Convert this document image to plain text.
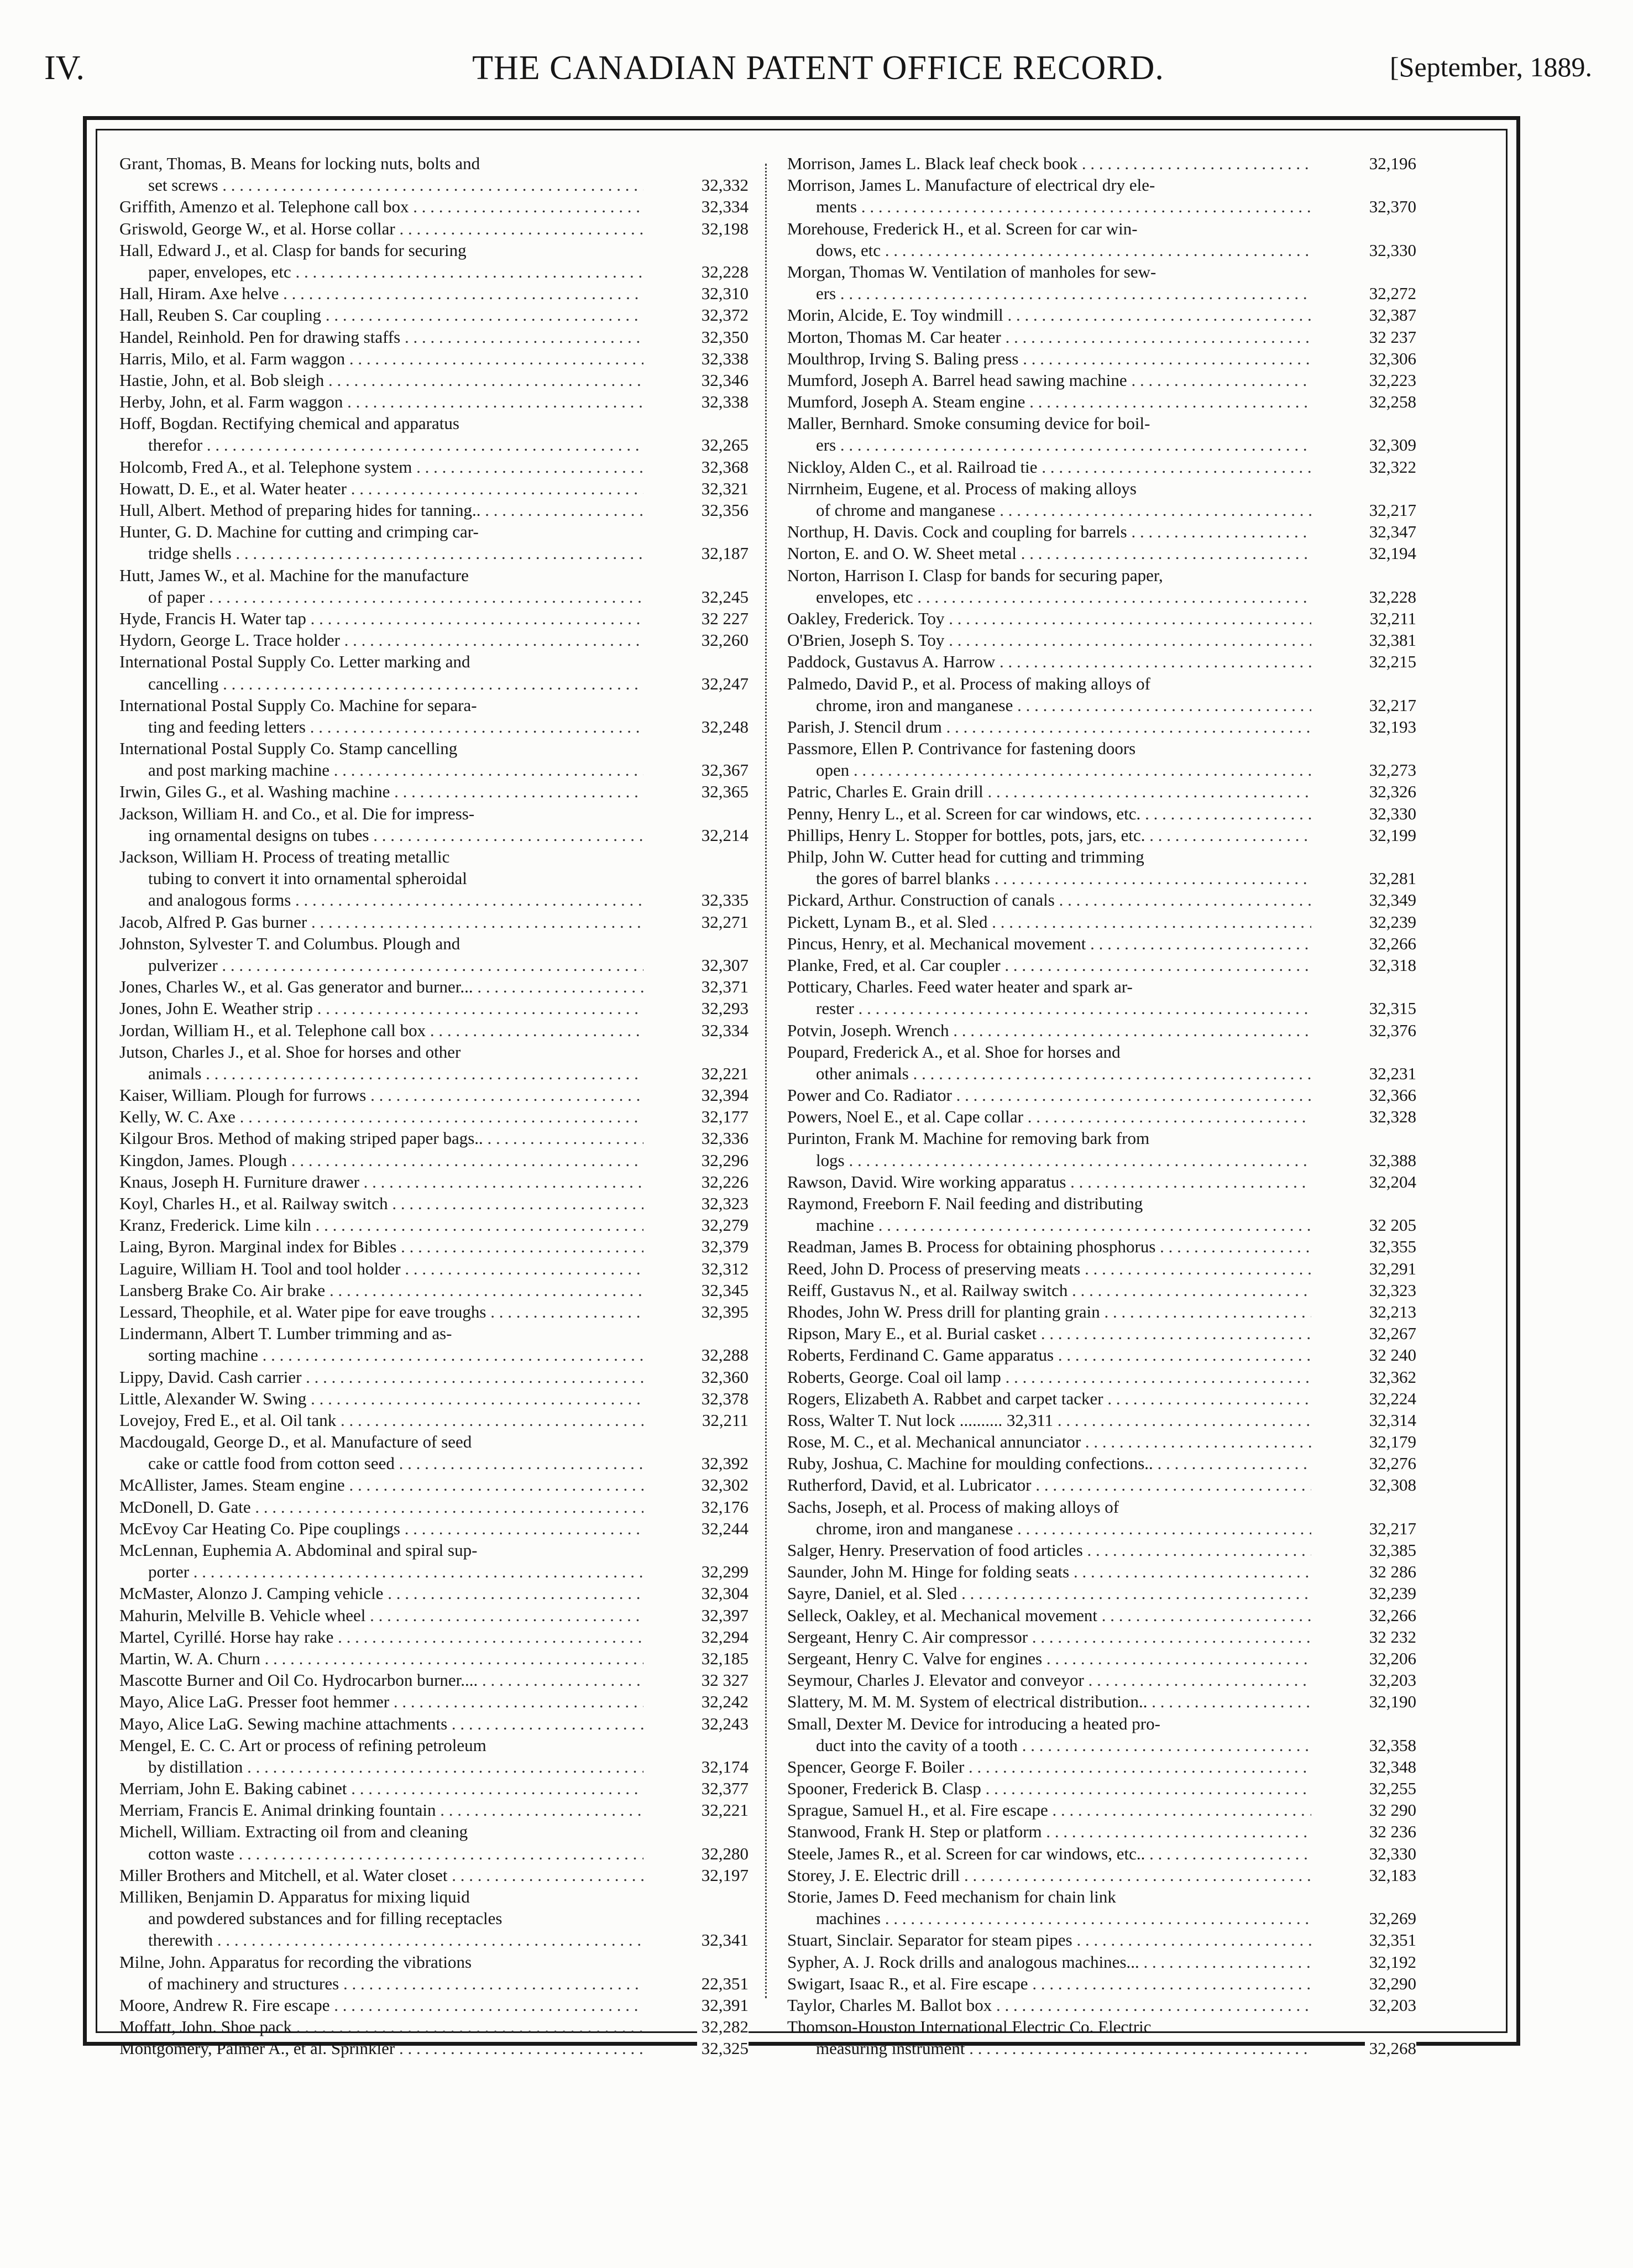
IV.	THE CANADIAN PATENT OFFICE RECORD.	[September, 1889.
Grant, Thomas, B. Means for locking nuts, bolts and
set screws . . .	32,332
Griffith, Amenzo et al. Telephone call box . . .	32,334
Griswold, George W., et al. Horse collar . . .	32,198
Hall, Edward J., et al. Clasp for bands for securing
paper, envelopes, etc . . .	32,228
Hall, Hiram. Axe helve . . .	32,310
Hall, Reuben S. Car coupling . . .	32,372
Handel, Reinhold. Pen for drawing staffs . . .	32,350
Harris, Milo, et al. Farm waggon . . .	32,338
Hastie, John, et al. Bob sleigh . . .	32,346
Herby, John, et al. Farm waggon . . .	32,338
Hoff, Bogdan. Rectifying chemical and apparatus
therefor . . .	32,265
Holcomb, Fred A., et al. Telephone system . . .	32,368
Howatt, D. E., et al. Water heater . . .	32,321
Hull, Albert. Method of preparing hides for tanning.. . . .	32,356
Hunter, G. D. Machine for cutting and crimping car-
tridge shells . . .	32,187
Hutt, James W., et al. Machine for the manufacture
of paper . . .	32,245
Hyde, Francis H. Water tap . . .	32 227
Hydorn, George L. Trace holder . . .	32,260
International Postal Supply Co. Letter marking and
cancelling . . .	32,247
International Postal Supply Co. Machine for separa-
ting and feeding letters . . .	32,248
International Postal Supply Co. Stamp cancelling
and post marking machine . . .	32,367
Irwin, Giles G., et al. Washing machine . . .	32,365
Jackson, William H. and Co., et al. Die for impress-
ing ornamental designs on tubes . . .	32,214
Jackson, William H. Process of treating metallic
tubing to convert it into ornamental spheroidal
and analogous forms . . .	32,335
Jacob, Alfred P. Gas burner . . .	32,271
Johnston, Sylvester T. and Columbus. Plough and
pulverizer . . .	32,307
Jones, Charles W., et al. Gas generator and burner... . . .	32,371
Jones, John E. Weather strip . . .	32,293
Jordan, William H., et al. Telephone call box . . .	32,334
Jutson, Charles J., et al. Shoe for horses and other
animals . . .	32,221
Kaiser, William. Plough for furrows . . .	32,394
Kelly, W. C. Axe . . .	32,177
Kilgour Bros. Method of making striped paper bags.. . . .	32,336
Kingdon, James. Plough . . .	32,296
Knaus, Joseph H. Furniture drawer . . .	32,226
Koyl, Charles H., et al. Railway switch . . .	32,323
Kranz, Frederick. Lime kiln . . .	32,279
Laing, Byron. Marginal index for Bibles . . .	32,379
Laguire, William H. Tool and tool holder . . .	32,312
Lansberg Brake Co. Air brake . . .	32,345
Lessard, Theophile, et al. Water pipe for eave troughs . . .	32,395
Lindermann, Albert T. Lumber trimming and as-
sorting machine . . .	32,288
Lippy, David. Cash carrier . . .	32,360
Little, Alexander W. Swing . . .	32,378
Lovejoy, Fred E., et al. Oil tank . . .	32,211
Macdougald, George D., et al. Manufacture of seed
cake or cattle food from cotton seed . . .	32,392
McAllister, James. Steam engine . . .	32,302
McDonell, D. Gate . . .	32,176
McEvoy Car Heating Co. Pipe couplings . . .	32,244
McLennan, Euphemia A. Abdominal and spiral sup-
porter . . .	32,299
McMaster, Alonzo J. Camping vehicle . . .	32,304
Mahurin, Melville B. Vehicle wheel . . .	32,397
Martel, Cyrillé. Horse hay rake . . .	32,294
Martin, W. A. Churn . . .	32,185
Mascotte Burner and Oil Co. Hydrocarbon burner.... . . .	32 327
Mayo, Alice LaG. Presser foot hemmer . . .	32,242
Mayo, Alice LaG. Sewing machine attachments . . .	32,243
Mengel, E. C. C. Art or process of refining petroleum
by distillation . . .	32,174
Merriam, John E. Baking cabinet . . .	32,377
Merriam, Francis E. Animal drinking fountain . . .	32,221
Michell, William. Extracting oil from and cleaning
cotton waste . . .	32,280
Miller Brothers and Mitchell, et al. Water closet . . .	32,197
Milliken, Benjamin D. Apparatus for mixing liquid
and powdered substances and for filling receptacles
therewith . . .	32,341
Milne, John. Apparatus for recording the vibrations
of machinery and structures . . .	22,351
Moore, Andrew R. Fire escape . . .	32,391
Moffatt, John. Shoe pack . . .	32,282
Montgomery, Palmer A., et al. Sprinkler . . .	32,325
Morrison, James L. Black leaf check book . . .	32,196
Morrison, James L. Manufacture of electrical dry ele-
ments . . .	32,370
Morehouse, Frederick H., et al. Screen for car win-
dows, etc . . .	32,330
Morgan, Thomas W. Ventilation of manholes for sew-
ers . . .	32,272
Morin, Alcide, E. Toy windmill . . .	32,387
Morton, Thomas M. Car heater . . .	32 237
Moulthrop, Irving S. Baling press . . .	32,306
Mumford, Joseph A. Barrel head sawing machine . . .	32,223
Mumford, Joseph A. Steam engine . . .	32,258
Maller, Bernhard. Smoke consuming device for boil-
ers . . .	32,309
Nickloy, Alden C., et al. Railroad tie . . .	32,322
Nirrnheim, Eugene, et al. Process of making alloys
of chrome and manganese . . .	32,217
Northup, H. Davis. Cock and coupling for barrels . . .	32,347
Norton, E. and O. W. Sheet metal . . .	32,194
Norton, Harrison I. Clasp for bands for securing paper,
envelopes, etc . . .	32,228
Oakley, Frederick. Toy . . .	32,211
O'Brien, Joseph S. Toy . . .	32,381
Paddock, Gustavus A. Harrow . . .	32,215
Palmedo, David P., et al. Process of making alloys of
chrome, iron and manganese . . .	32,217
Parish, J. Stencil drum . . .	32,193
Passmore, Ellen P. Contrivance for fastening doors
open . . .	32,273
Patric, Charles E. Grain drill . . .	32,326
Penny, Henry L., et al. Screen for car windows, etc. . . .	32,330
Phillips, Henry L. Stopper for bottles, pots, jars, etc. . . .	32,199
Philp, John W. Cutter head for cutting and trimming
the gores of barrel blanks . . .	32,281
Pickard, Arthur. Construction of canals . . .	32,349
Pickett, Lynam B., et al. Sled . . .	32,239
Pincus, Henry, et al. Mechanical movement . . .	32,266
Planke, Fred, et al. Car coupler . . .	32,318
Potticary, Charles. Feed water heater and spark ar-
rester . . .	32,315
Potvin, Joseph. Wrench . . .	32,376
Poupard, Frederick A., et al. Shoe for horses and
other animals . . .	32,231
Power and Co. Radiator . . .	32,366
Powers, Noel E., et al. Cape collar . . .	32,328
Purinton, Frank M. Machine for removing bark from
logs . . .	32,388
Rawson, David. Wire working apparatus . . .	32,204
Raymond, Freeborn F. Nail feeding and distributing
machine . . .	32 205
Readman, James B. Process for obtaining phosphorus . . .	32,355
Reed, John D. Process of preserving meats . . .	32,291
Reiff, Gustavus N., et al. Railway switch . . .	32,323
Rhodes, John W. Press drill for planting grain . . .	32,213
Ripson, Mary E., et al. Burial casket . . .	32,267
Roberts, Ferdinand C. Game apparatus . . .	32 240
Roberts, George. Coal oil lamp . . .	32,362
Rogers, Elizabeth A. Rabbet and carpet tacker . . .	32,224
Ross, Walter T. Nut lock .......... 32,311 . . .	32,314
Rose, M. C., et al. Mechanical annunciator . . .	32,179
Ruby, Joshua, C. Machine for moulding confections.. . . .	32,276
Rutherford, David, et al. Lubricator . . .	32,308
Sachs, Joseph, et al. Process of making alloys of
chrome, iron and manganese . . .	32,217
Salger, Henry. Preservation of food articles . . .	32,385
Saunder, John M. Hinge for folding seats . . .	32 286
Sayre, Daniel, et al. Sled . . .	32,239
Selleck, Oakley, et al. Mechanical movement . . .	32,266
Sergeant, Henry C. Air compressor . . .	32 232
Sergeant, Henry C. Valve for engines . . .	32,206
Seymour, Charles J. Elevator and conveyor . . .	32,203
Slattery, M. M. M. System of electrical distribution.. . . .	32,190
Small, Dexter M. Device for introducing a heated pro-
duct into the cavity of a tooth . . .	32,358
Spencer, George F. Boiler . . .	32,348
Spooner, Frederick B. Clasp . . .	32,255
Sprague, Samuel H., et al. Fire escape . . .	32 290
Stanwood, Frank H. Step or platform . . .	32 236
Steele, James R., et al. Screen for car windows, etc.. . . .	32,330
Storey, J. E. Electric drill . . .	32,183
Storie, James D. Feed mechanism for chain link
machines . . .	32,269
Stuart, Sinclair. Separator for steam pipes . . .	32,351
Sypher, A. J. Rock drills and analogous machines... . . .	32,192
Swigart, Isaac R., et al. Fire escape . . .	32,290
Taylor, Charles M. Ballot box . . .	32,203
Thomson-Houston International Electric Co. Electric
measuring instrument . . .	32,268
